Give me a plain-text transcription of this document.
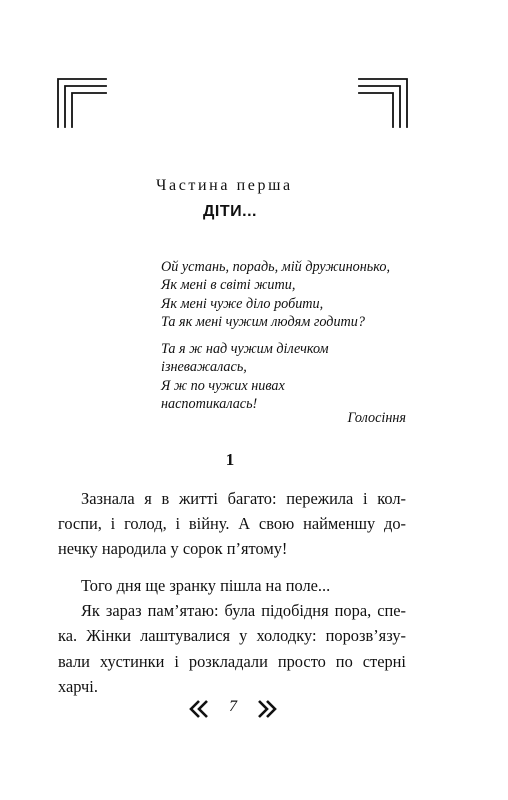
Частина перша
ДІТИ...
Ой устань, порадь, мій дружинонько,
Як мені в світі жити,
Як мені чуже діло робити,
Та як мені чужим людям годити?
Та я ж над чужим ділечком
ізневажалась,
Я ж по чужих нивах
наспотикалась!
Голосіння
1
Зазнала я в житті багато: пережила і кол-
госпи, і голод, і війну. А свою найменшу до-
нечку народила у сорок п’ятому!
Того дня ще зранку пішла на поле...
Як зараз пам’ятаю: була підобідня пора, спе-
ка. Жінки лаштувалися у холодку: порозв’язу-
вали хустинки і розкладали просто по стерні
харчі.
7
